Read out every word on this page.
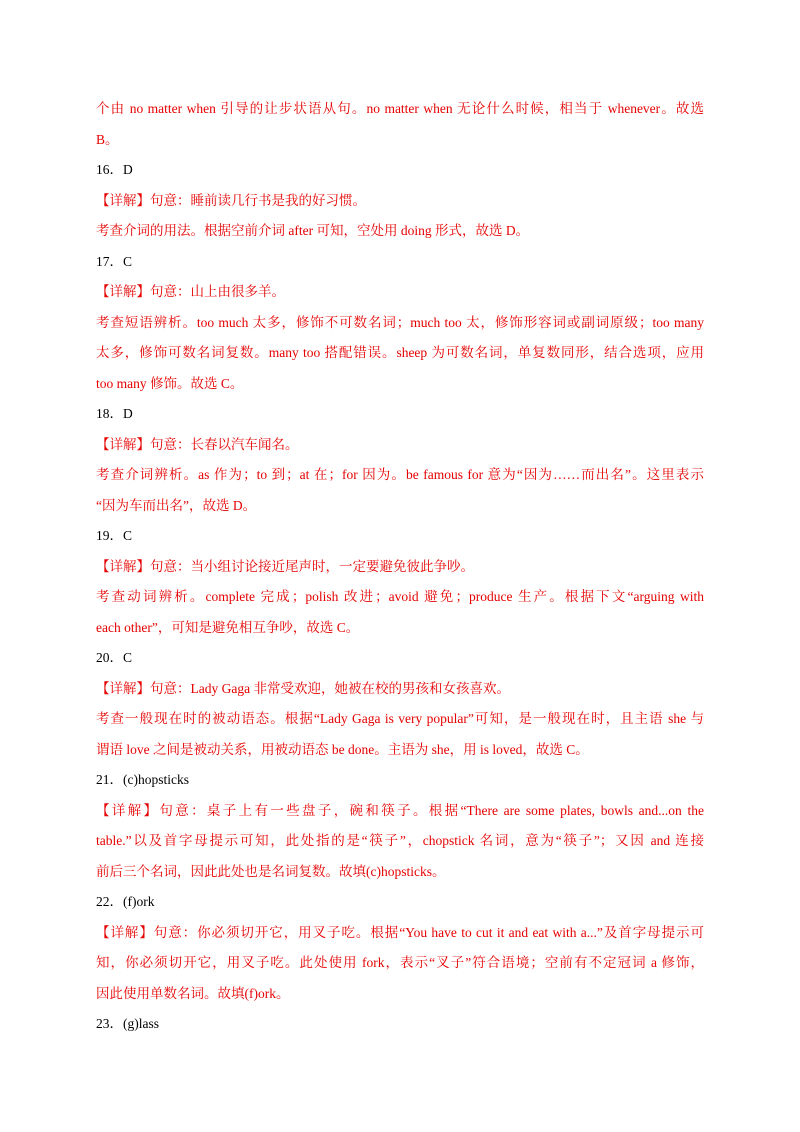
个由 no matter when 引导的让步状语从句。no matter when 无论什么时候，相当于 whenever。故选
B。
16．D
【详解】句意：睡前读几行书是我的好习惯。
考查介词的用法。根据空前介词 after 可知，空处用 doing 形式，故选 D。
17．C
【详解】句意：山上由很多羊。
考查短语辨析。too much 太多，修饰不可数名词；much too 太，修饰形容词或副词原级；too many
太多，修饰可数名词复数。many too 搭配错误。sheep 为可数名词，单复数同形，结合选项，应用
too many 修饰。故选 C。
18．D
【详解】句意：长春以汽车闻名。
考查介词辨析。as 作为；to 到；at 在；for 因为。be famous for 意为“因为……而出名”。这里表示
“因为车而出名”，故选 D。
19．C
【详解】句意：当小组讨论接近尾声时，一定要避免彼此争吵。
考查动词辨析。complete 完成；polish 改进；avoid 避免；produce 生产。根据下文“arguing with
each other”，可知是避免相互争吵，故选 C。
20．C
【详解】句意：Lady Gaga 非常受欢迎，她被在校的男孩和女孩喜欢。
考查一般现在时的被动语态。根据“Lady Gaga is very popular”可知，是一般现在时，且主语 she 与
谓语 love 之间是被动关系，用被动语态 be done。主语为 she，用 is loved，故选 C。
21．(c)hopsticks
【详解】句意：桌子上有一些盘子，碗和筷子。根据“There are some plates, bowls and...on the
table.”以及首字母提示可知，此处指的是“筷子”，chopstick 名词，意为“筷子”；又因 and 连接
前后三个名词，因此此处也是名词复数。故填(c)hopsticks。
22．(f)ork
【详解】句意：你必须切开它，用叉子吃。根据“You have to cut it and eat with a...”及首字母提示可
知，你必须切开它，用叉子吃。此处使用 fork，表示“叉子”符合语境；空前有不定冠词 a 修饰，
因此使用单数名词。故填(f)ork。
23．(g)lass
